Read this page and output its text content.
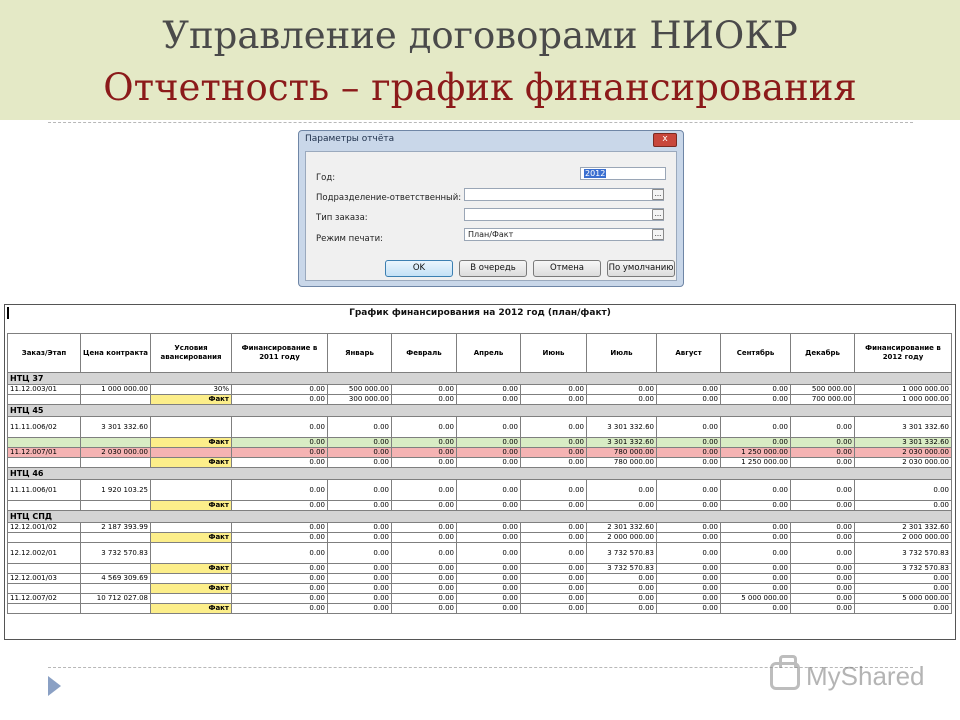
Управление договорами НИОКР
Отчетность – график финансирования
Параметры отчёта	x
Год:	2012
Подразделение-ответственный:	...
Тип заказа:	...
Режим печати:	План/Факт	...
OK	В очередь	Отмена	По умолчанию
График финансирования на 2012 год (план/факт)
Заказ/Этап	Цена контракта	Условия авансирования	Финансирование в 2011 году	Январь	Февраль	Апрель	Июнь	Июль	Август	Сентябрь	Декабрь	Финансирование в 2012 году
НТЦ 37												
11.12.003/01	1 000 000.00	30%	0.00	500 000.00	0.00	0.00	0.00	0.00	0.00	0.00	500 000.00	1 000 000.00
		Факт	0.00	300 000.00	0.00	0.00	0.00	0.00	0.00	0.00	700 000.00	1 000 000.00
НТЦ 45												
11.11.006/02	3 301 332.60		0.00	0.00	0.00	0.00	0.00	3 301 332.60	0.00	0.00	0.00	3 301 332.60
		Факт	0.00	0.00	0.00	0.00	0.00	3 301 332.60	0.00	0.00	0.00	3 301 332.60
11.12.007/01	2 030 000.00		0.00	0.00	0.00	0.00	0.00	780 000.00	0.00	1 250 000.00	0.00	2 030 000.00
		Факт	0.00	0.00	0.00	0.00	0.00	780 000.00	0.00	1 250 000.00	0.00	2 030 000.00
НТЦ 46												
11.11.006/01	1 920 103.25		0.00	0.00	0.00	0.00	0.00	0.00	0.00	0.00	0.00	0.00
		Факт	0.00	0.00	0.00	0.00	0.00	0.00	0.00	0.00	0.00	0.00
НТЦ СПД												
12.12.001/02	2 187 393.99		0.00	0.00	0.00	0.00	0.00	2 301 332.60	0.00	0.00	0.00	2 301 332.60
		Факт	0.00	0.00	0.00	0.00	0.00	2 000 000.00	0.00	0.00	0.00	2 000 000.00
12.12.002/01	3 732 570.83		0.00	0.00	0.00	0.00	0.00	3 732 570.83	0.00	0.00	0.00	3 732 570.83
		Факт	0.00	0.00	0.00	0.00	0.00	3 732 570.83	0.00	0.00	0.00	3 732 570.83
12.12.001/03	4 569 309.69		0.00	0.00	0.00	0.00	0.00	0.00	0.00	0.00	0.00	0.00
		Факт	0.00	0.00	0.00	0.00	0.00	0.00	0.00	0.00	0.00	0.00
11.12.007/02	10 712 027.08		0.00	0.00	0.00	0.00	0.00	0.00	0.00	5 000 000.00	0.00	5 000 000.00
		Факт	0.00	0.00	0.00	0.00	0.00	0.00	0.00	0.00	0.00	0.00
MyShared
